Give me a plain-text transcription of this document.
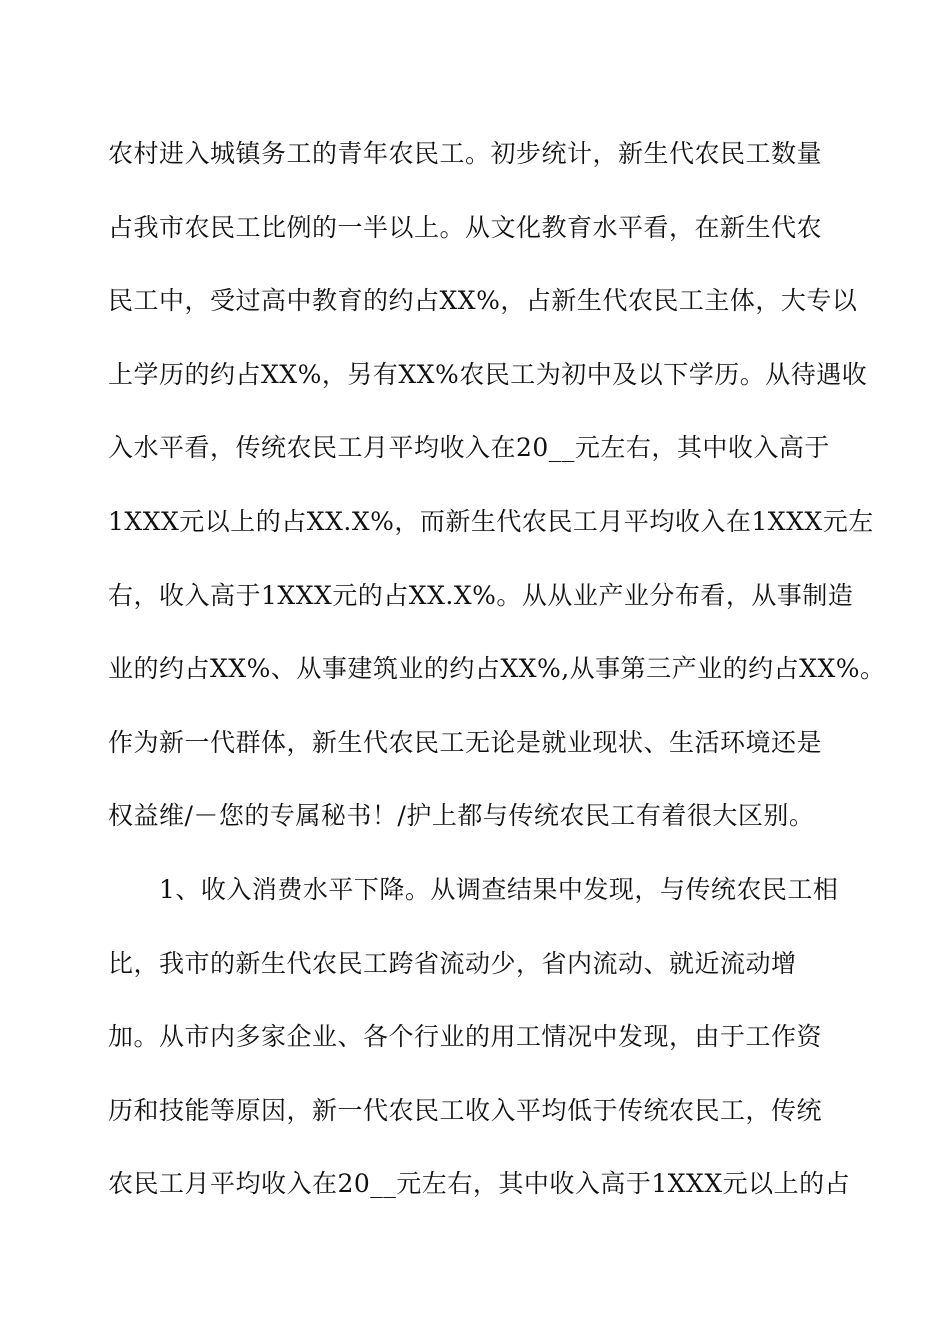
农村进入城镇务工的青年农民工。初步统计，新生代农民工数量
占我市农民工比例的一半以上。从文化教育水平看，在新生代农
民工中，受过高中教育的约占XX%，占新生代农民工主体，大专以
上学历的约占XX%，另有XX%农民工为初中及以下学历。从待遇收
入水平看，传统农民工月平均收入在20__元左右，其中收入高于
1XXX元以上的占XX.X%，而新生代农民工月平均收入在1XXX元左
右，收入高于1XXX元的占XX.X%。从从业产业分布看，从事制造
业的约占XX%、从事建筑业的约占XX%,从事第三产业的约占XX%。
作为新一代群体，新生代农民工无论是就业现状、生活环境还是
权益维/－您的专属秘书！/护上都与传统农民工有着很大区别。
　　1、收入消费水平下降。从调查结果中发现，与传统农民工相
比，我市的新生代农民工跨省流动少，省内流动、就近流动增
加。从市内多家企业、各个行业的用工情况中发现，由于工作资
历和技能等原因，新一代农民工收入平均低于传统农民工，传统
农民工月平均收入在20__元左右，其中收入高于1XXX元以上的占
